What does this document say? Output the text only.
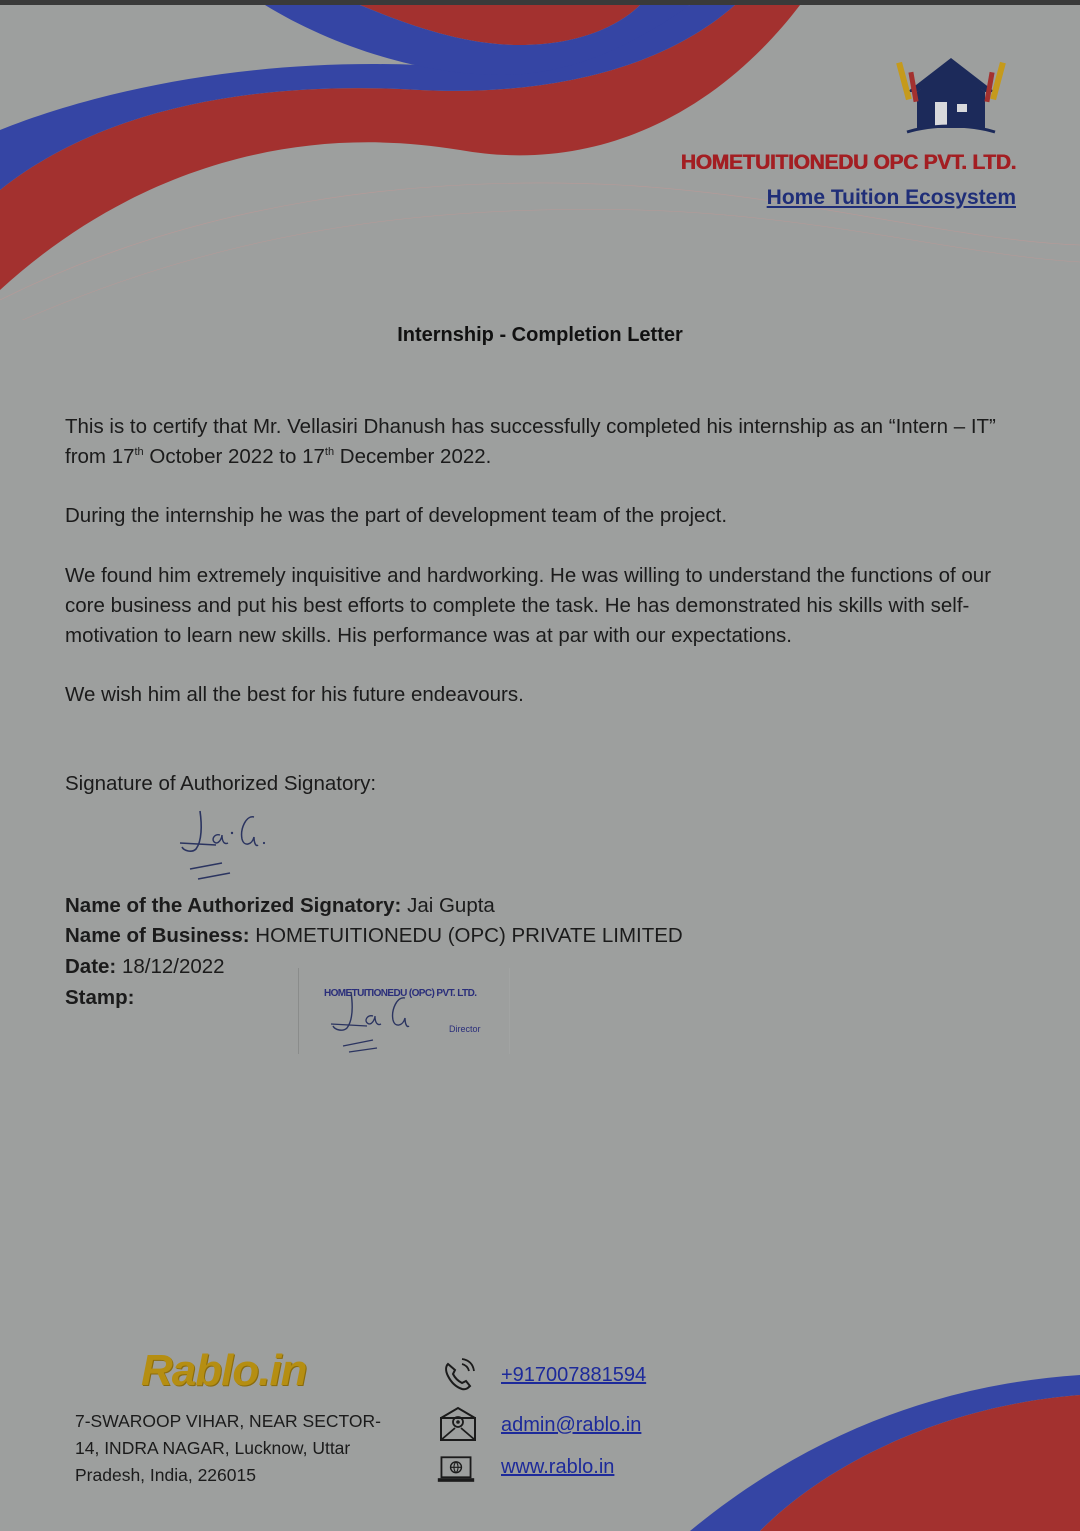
HOMETUITIONEDU OPC PVT. LTD.
Home Tuition Ecosystem
Internship - Completion Letter

This is to certify that Mr. Vellasiri Dhanush has successfully completed his internship as an “Intern – IT” from 17th October 2022 to 17th December 2022.

During the internship he was the part of development team of the project.

We found him extremely inquisitive and hardworking. He was willing to understand the functions of our core business and put his best efforts to complete the task. He has demonstrated his skills with self-motivation to learn new skills. His performance was at par with our expectations.

We wish him all the best for his future endeavours.

Signature of Authorized Signatory:
Name of the Authorized Signatory: Jai Gupta
Name of Business: HOMETUITIONEDU (OPC) PRIVATE LIMITED
Date: 18/12/2022
Stamp:	HOMETUITIONEDU (OPC) PVT. LTD.
Director
Rablo.in
7-SWAROOP VIHAR, NEAR SECTOR-14, INDRA NAGAR, Lucknow, Uttar Pradesh, India, 226015
+917007881594
admin@rablo.in
www.rablo.in
